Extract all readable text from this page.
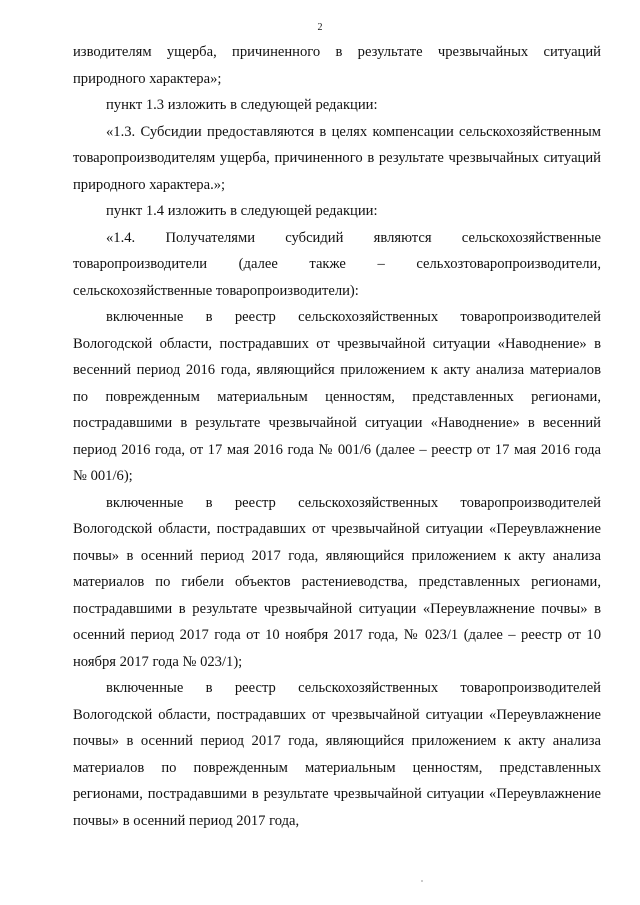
2

изводителям ущерба, причиненного в результате чрезвычайных ситуаций природного характера»;

пункт 1.3 изложить в следующей редакции:

«1.3. Субсидии предоставляются в целях компенсации сельскохозяйственным товаропроизводителям ущерба, причиненного в результате чрезвычайных ситуаций природного характера.»;

пункт 1.4 изложить в следующей редакции:

«1.4. Получателями субсидий являются сельскохозяйственные товаропроизводители (далее также – сельхозтоваропроизводители, сельскохозяйственные товаропроизводители):

включенные в реестр сельскохозяйственных товаропроизводителей Вологодской области, пострадавших от чрезвычайной ситуации «Наводнение» в весенний период 2016 года, являющийся приложением к акту анализа материалов по поврежденным материальным ценностям, представленных регионами, пострадавшими в результате чрезвычайной ситуации «Наводнение» в весенний период 2016 года, от 17 мая 2016 года № 001/6 (далее – реестр от 17 мая 2016 года № 001/6);

включенные в реестр сельскохозяйственных товаропроизводителей Вологодской области, пострадавших от чрезвычайной ситуации «Переувлажнение почвы» в осенний период 2017 года, являющийся приложением к акту анализа материалов по гибели объектов растениеводства, представленных регионами, пострадавшими в результате чрезвычайной ситуации «Переувлажнение почвы» в осенний период 2017 года от 10 ноября 2017 года, № 023/1 (далее – реестр от 10 ноября 2017 года № 023/1);

включенные в реестр сельскохозяйственных товаропроизводителей Вологодской области, пострадавших от чрезвычайной ситуации «Переувлажнение почвы» в осенний период 2017 года, являющийся приложением к акту анализа материалов по поврежденным материальным ценностям, представленных регионами, пострадавшими в результате чрезвычайной ситуации «Переувлажнение почвы» в осенний период 2017 года,
